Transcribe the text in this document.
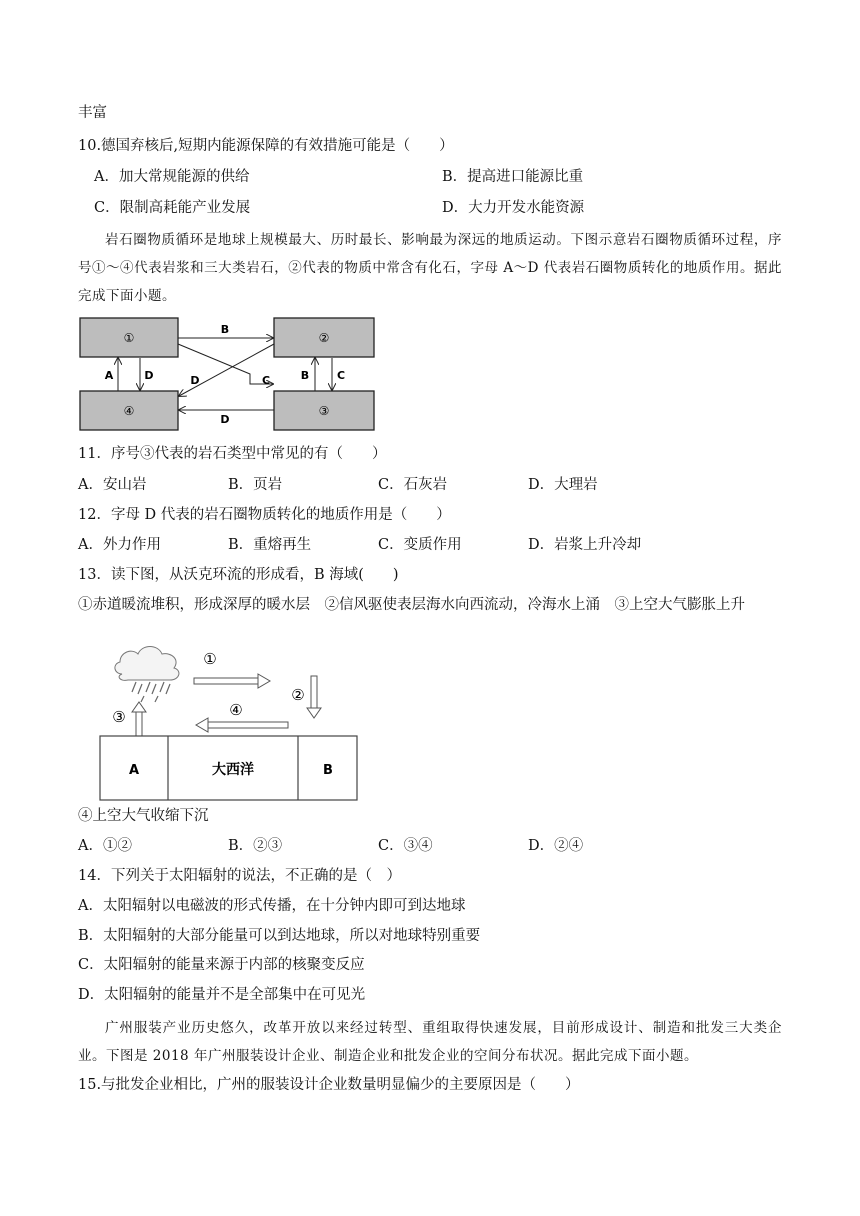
丰富
10.德国弃核后,短期内能源保障的有效措施可能是（　　）
A．加大常规能源的供给	B．提高进口能源比重
C．限制高耗能产业发展	D．大力开发水能资源
岩石圈物质循环是地球上规模最大、历时最长、影响最为深远的地质运动。下图示意岩石圈物质循环过程，序号①～④代表岩浆和三大类岩石，②代表的物质中常含有化石，字母 A～D 代表岩石圈物质转化的地质作用。据此完成下面小题。
①	②
③
④
B
A	D	B	C
D
D	C
11．序号③代表的岩石类型中常见的有（　　）
A．安山岩	B．页岩	C．石灰岩	D．大理岩
12．字母 D 代表的岩石圈物质转化的地质作用是（　　）
A．外力作用	B．重熔再生	C．变质作用	D．岩浆上升冷却
13．读下图，从沃克环流的形成看，B 海域(　　)
①赤道暖流堆积，形成深厚的暖水层　②信风驱使表层海水向西流动，冷海水上涌　③上空大气膨胀上升
①
②
④
③
A	大西洋	B
④上空大气收缩下沉
A．①②	B．②③	C．③④	D．②④
14．下列关于太阳辐射的说法，不正确的是（　）
A．太阳辐射以电磁波的形式传播，在十分钟内即可到达地球
B．太阳辐射的大部分能量可以到达地球，所以对地球特别重要
C．太阳辐射的能量来源于内部的核聚变反应
D．太阳辐射的能量并不是全部集中在可见光
广州服装产业历史悠久，改革开放以来经过转型、重组取得快速发展，目前形成设计、制造和批发三大类企业。下图是 2018 年广州服装设计企业、制造企业和批发企业的空间分布状况。据此完成下面小题。
15.与批发企业相比，广州的服装设计企业数量明显偏少的主要原因是（　　）
